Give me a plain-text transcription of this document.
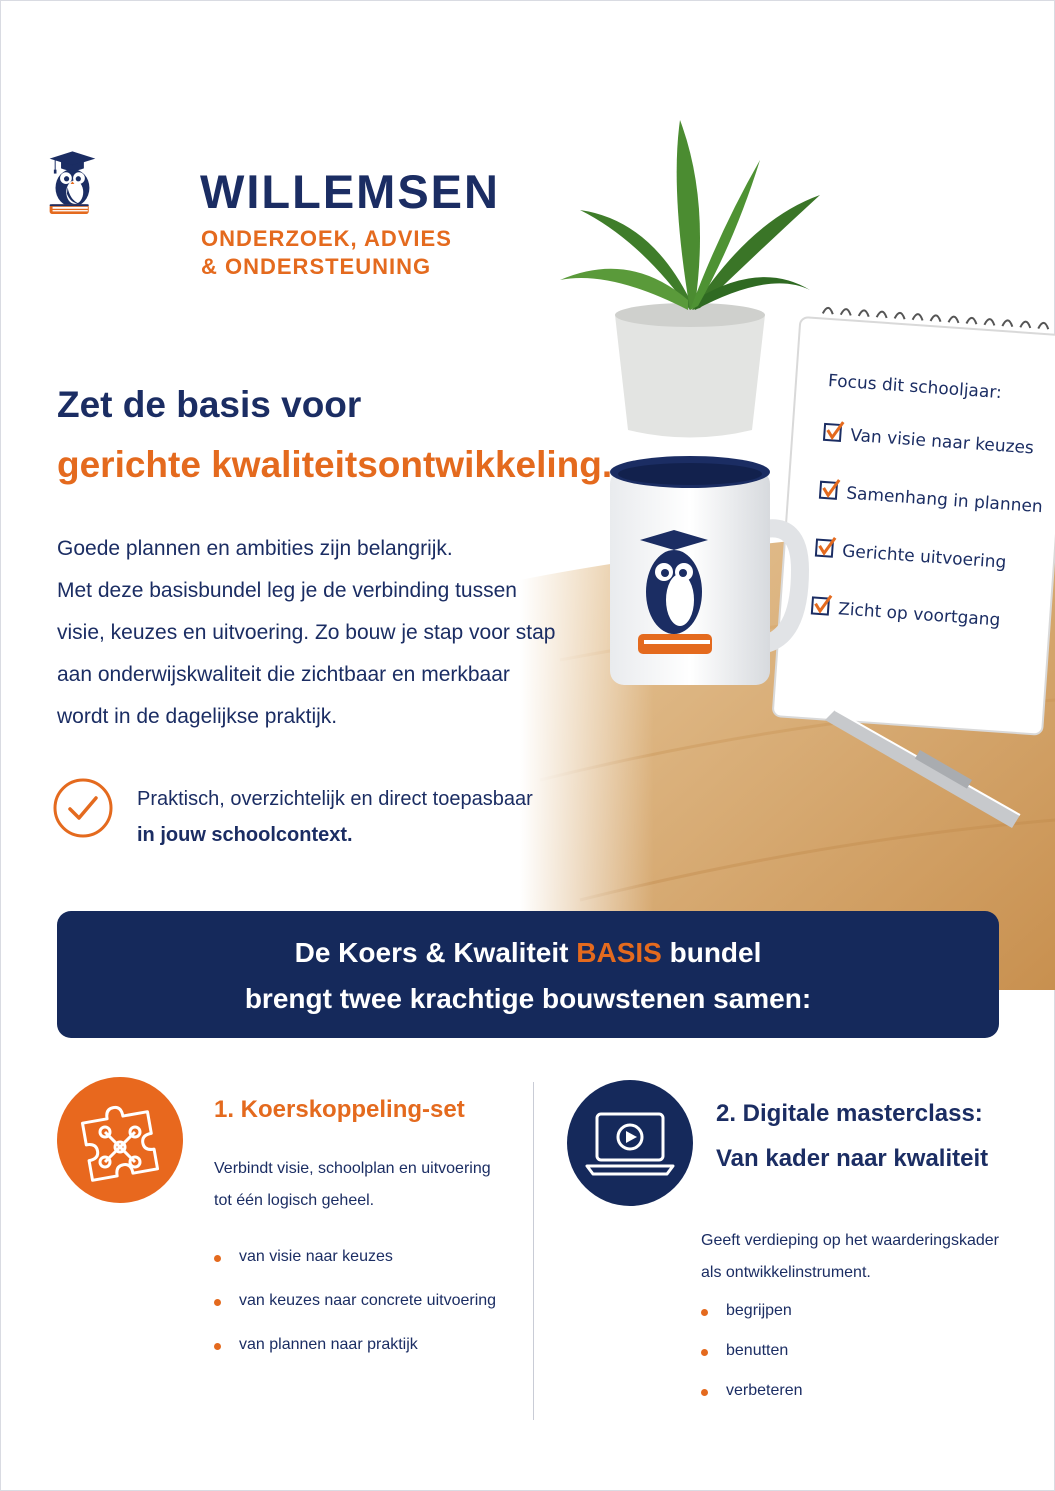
WILLEMSEN
ONDERZOEK, ADVIES
& ONDERSTEUNING
Focus dit schooljaar:
Van visie naar keuzes
Samenhang in plannen
Gerichte uitvoering
Zicht op voortgang
Zet de basis voor
gerichte kwaliteitsontwikkeling.
Goede plannen en ambities zijn belangrijk.
Met deze basisbundel leg je de verbinding tussen
visie, keuzes en uitvoering. Zo bouw je stap voor stap
aan onderwijskwaliteit die zichtbaar en merkbaar
wordt in de dagelijkse praktijk.
Praktisch, overzichtelijk en direct toepasbaar
in jouw schoolcontext.
De Koers & Kwaliteit BASIS bundel
brengt twee krachtige bouwstenen samen:
1. Koerskoppeling-set
Verbindt visie, schoolplan en uitvoering
tot één logisch geheel.
van visie naar keuzes
van keuzes naar concrete uitvoering
van plannen naar praktijk
2. Digitale masterclass:
Van kader naar kwaliteit
Geeft verdieping op het waarderingskader
als ontwikkelinstrument.
begrijpen
benutten
verbeteren
